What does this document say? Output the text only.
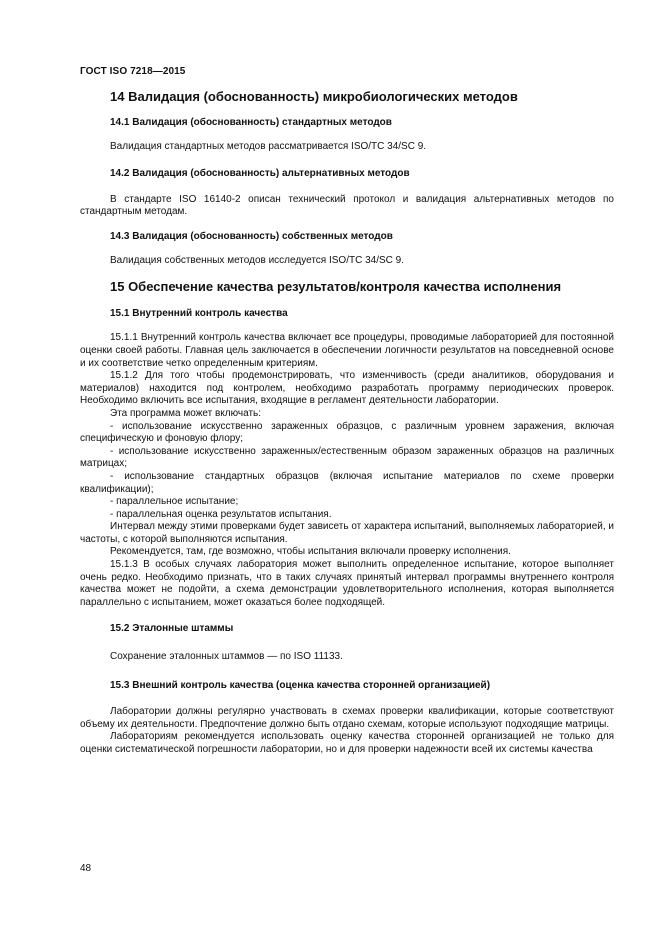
ГОСТ ISO 7218—2015
14 Валидация (обоснованность) микробиологических методов
14.1 Валидация (обоснованность) стандартных методов

Валидация стандартных методов рассматривается ISO/TC 34/SC 9.

14.2 Валидация (обоснованность) альтернативных методов

В стандарте ISO 16140-2 описан технический протокол и валидация альтернативных методов по стандартным методам.

14.3 Валидация (обоснованность) собственных методов

Валидация собственных методов исследуется ISO/TC 34/SC 9.

15 Обеспечение качества результатов/контроля качества исполнения
15.1 Внутренний контроль качества

15.1.1 Внутренний контроль качества включает все процедуры, проводимые лабораторией для постоянной оценки своей работы. Главная цель заключается в обеспечении логичности результатов на повседневной основе и их соответствие четко определенным критериям.

15.1.2 Для того чтобы продемонстрировать, что изменчивость (среди аналитиков, оборудования и материалов) находится под контролем, необходимо разработать программу периодических проверок. Необходимо включить все испытания, входящие в регламент деятельности лаборатории.

Эта программа может включать:

- использование искусственно зараженных образцов, с различным уровнем заражения, включая специфическую и фоновую флору;

- использование искусственно зараженных/естественным образом зараженных образцов на различных матрицах;

- использование стандартных образцов (включая испытание материалов по схеме проверки квалификации);

- параллельное испытание;

- параллельная оценка результатов испытания.

Интервал между этими проверками будет зависеть от характера испытаний, выполняемых лабораторией, и частоты, с которой выполняются испытания.

Рекомендуется, там, где возможно, чтобы испытания включали проверку исполнения.

15.1.3 В особых случаях лаборатория может выполнить определенное испытание, которое выполняет очень редко. Необходимо признать, что в таких случаях принятый интервал программы внутреннего контроля качества может не подойти, а схема демонстрации удовлетворительного исполнения, которая выполняется параллельно с испытанием, может оказаться более подходящей.

15.2 Эталонные штаммы

Сохранение эталонных штаммов — по ISO 11133.

15.3 Внешний контроль качества (оценка качества сторонней организацией)

Лаборатории должны регулярно участвовать в схемах проверки квалификации, которые соответствуют объему их деятельности. Предпочтение должно быть отдано схемам, которые используют подходящие матрицы.

Лабораториям рекомендуется использовать оценку качества сторонней организацией не только для оценки систематической погрешности лаборатории, но и для проверки надежности всей их системы качества

48
